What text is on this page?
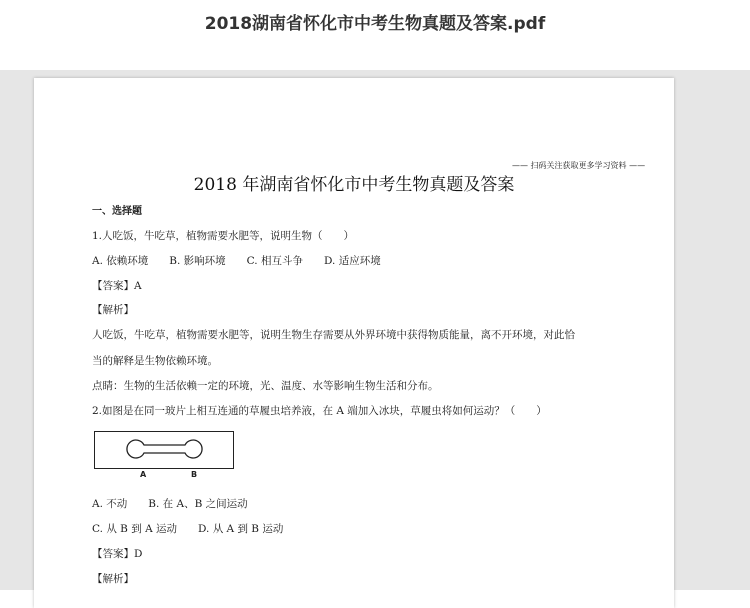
2018湖南省怀化市中考生物真题及答案.pdf
—— 扫码关注获取更多学习资料 ——
2018 年湖南省怀化市中考生物真题及答案
一、选择题
1.人吃饭，牛吃草，植物需要水肥等，说明生物（　　）
A. 依赖环境　　B. 影响环境　　C. 相互斗争　　D. 适应环境
【答案】A
【解析】
人吃饭，牛吃草，植物需要水肥等，说明生物生存需要从外界环境中获得物质能量，离不开环境，对此恰
当的解释是生物依赖环境。
点睛：生物的生活依赖一定的环境，光、温度、水等影响生物生活和分布。
2.如图是在同一玻片上相互连通的草履虫培养液，在 A 端加入冰块，草履虫将如何运动？（　　）
A	B
A. 不动　　B. 在 A、B 之间运动
C. 从 B 到 A 运动　　D. 从 A 到 B 运动
【答案】D
【解析】
